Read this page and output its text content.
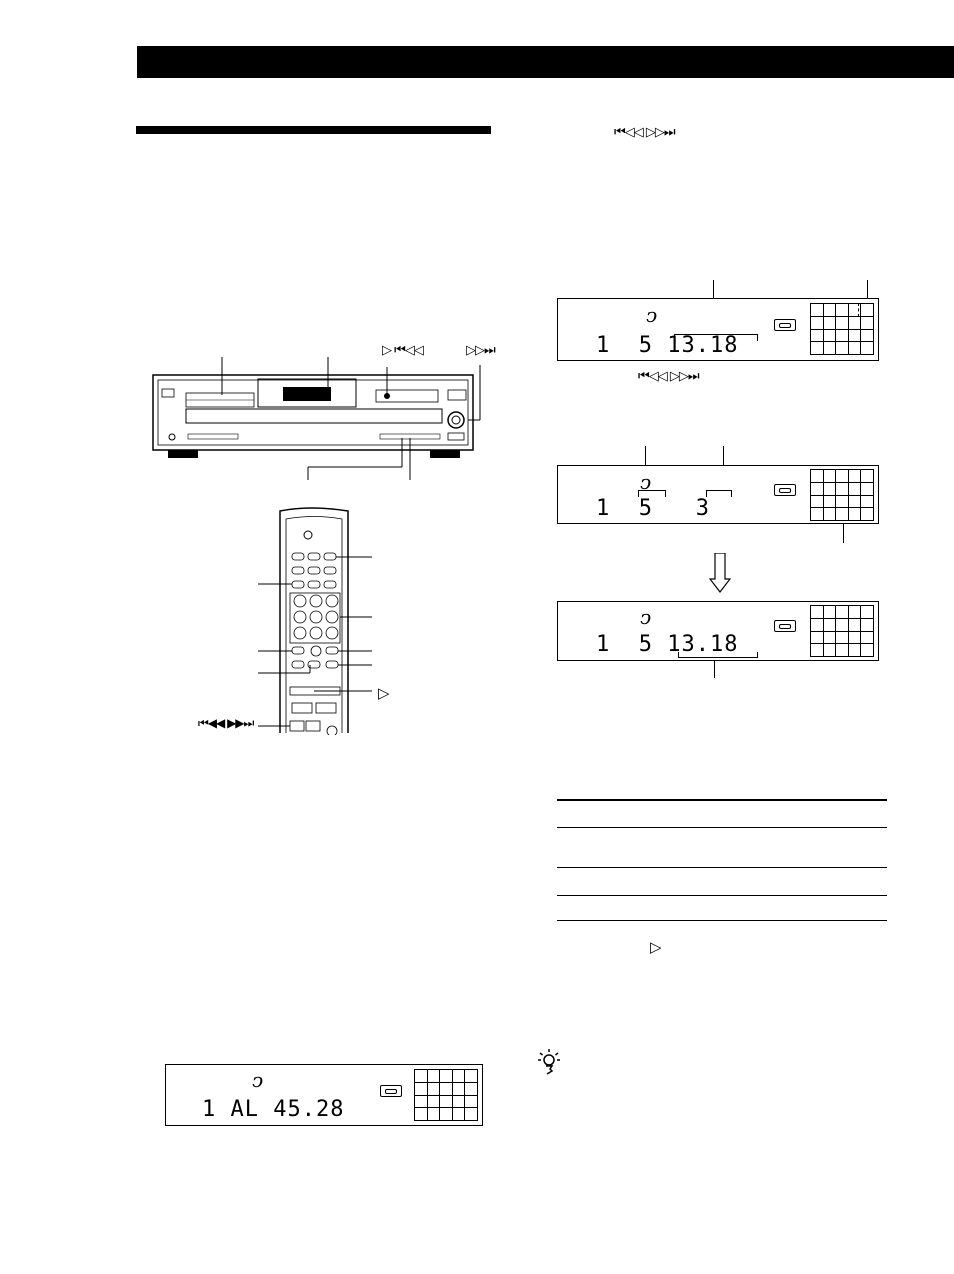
⏮◁◁ ▷▷⏭
ↄ
1  5 13.18
⏮◁◁ ▷▷⏭
ↄ
1  5   3
ↄ
1  5 13.18
▷
▷ ⏮◁◁	▷▷⏭
⏮◀◀ ▶▶⏭
▷
ↄ
1 AL 45.28
